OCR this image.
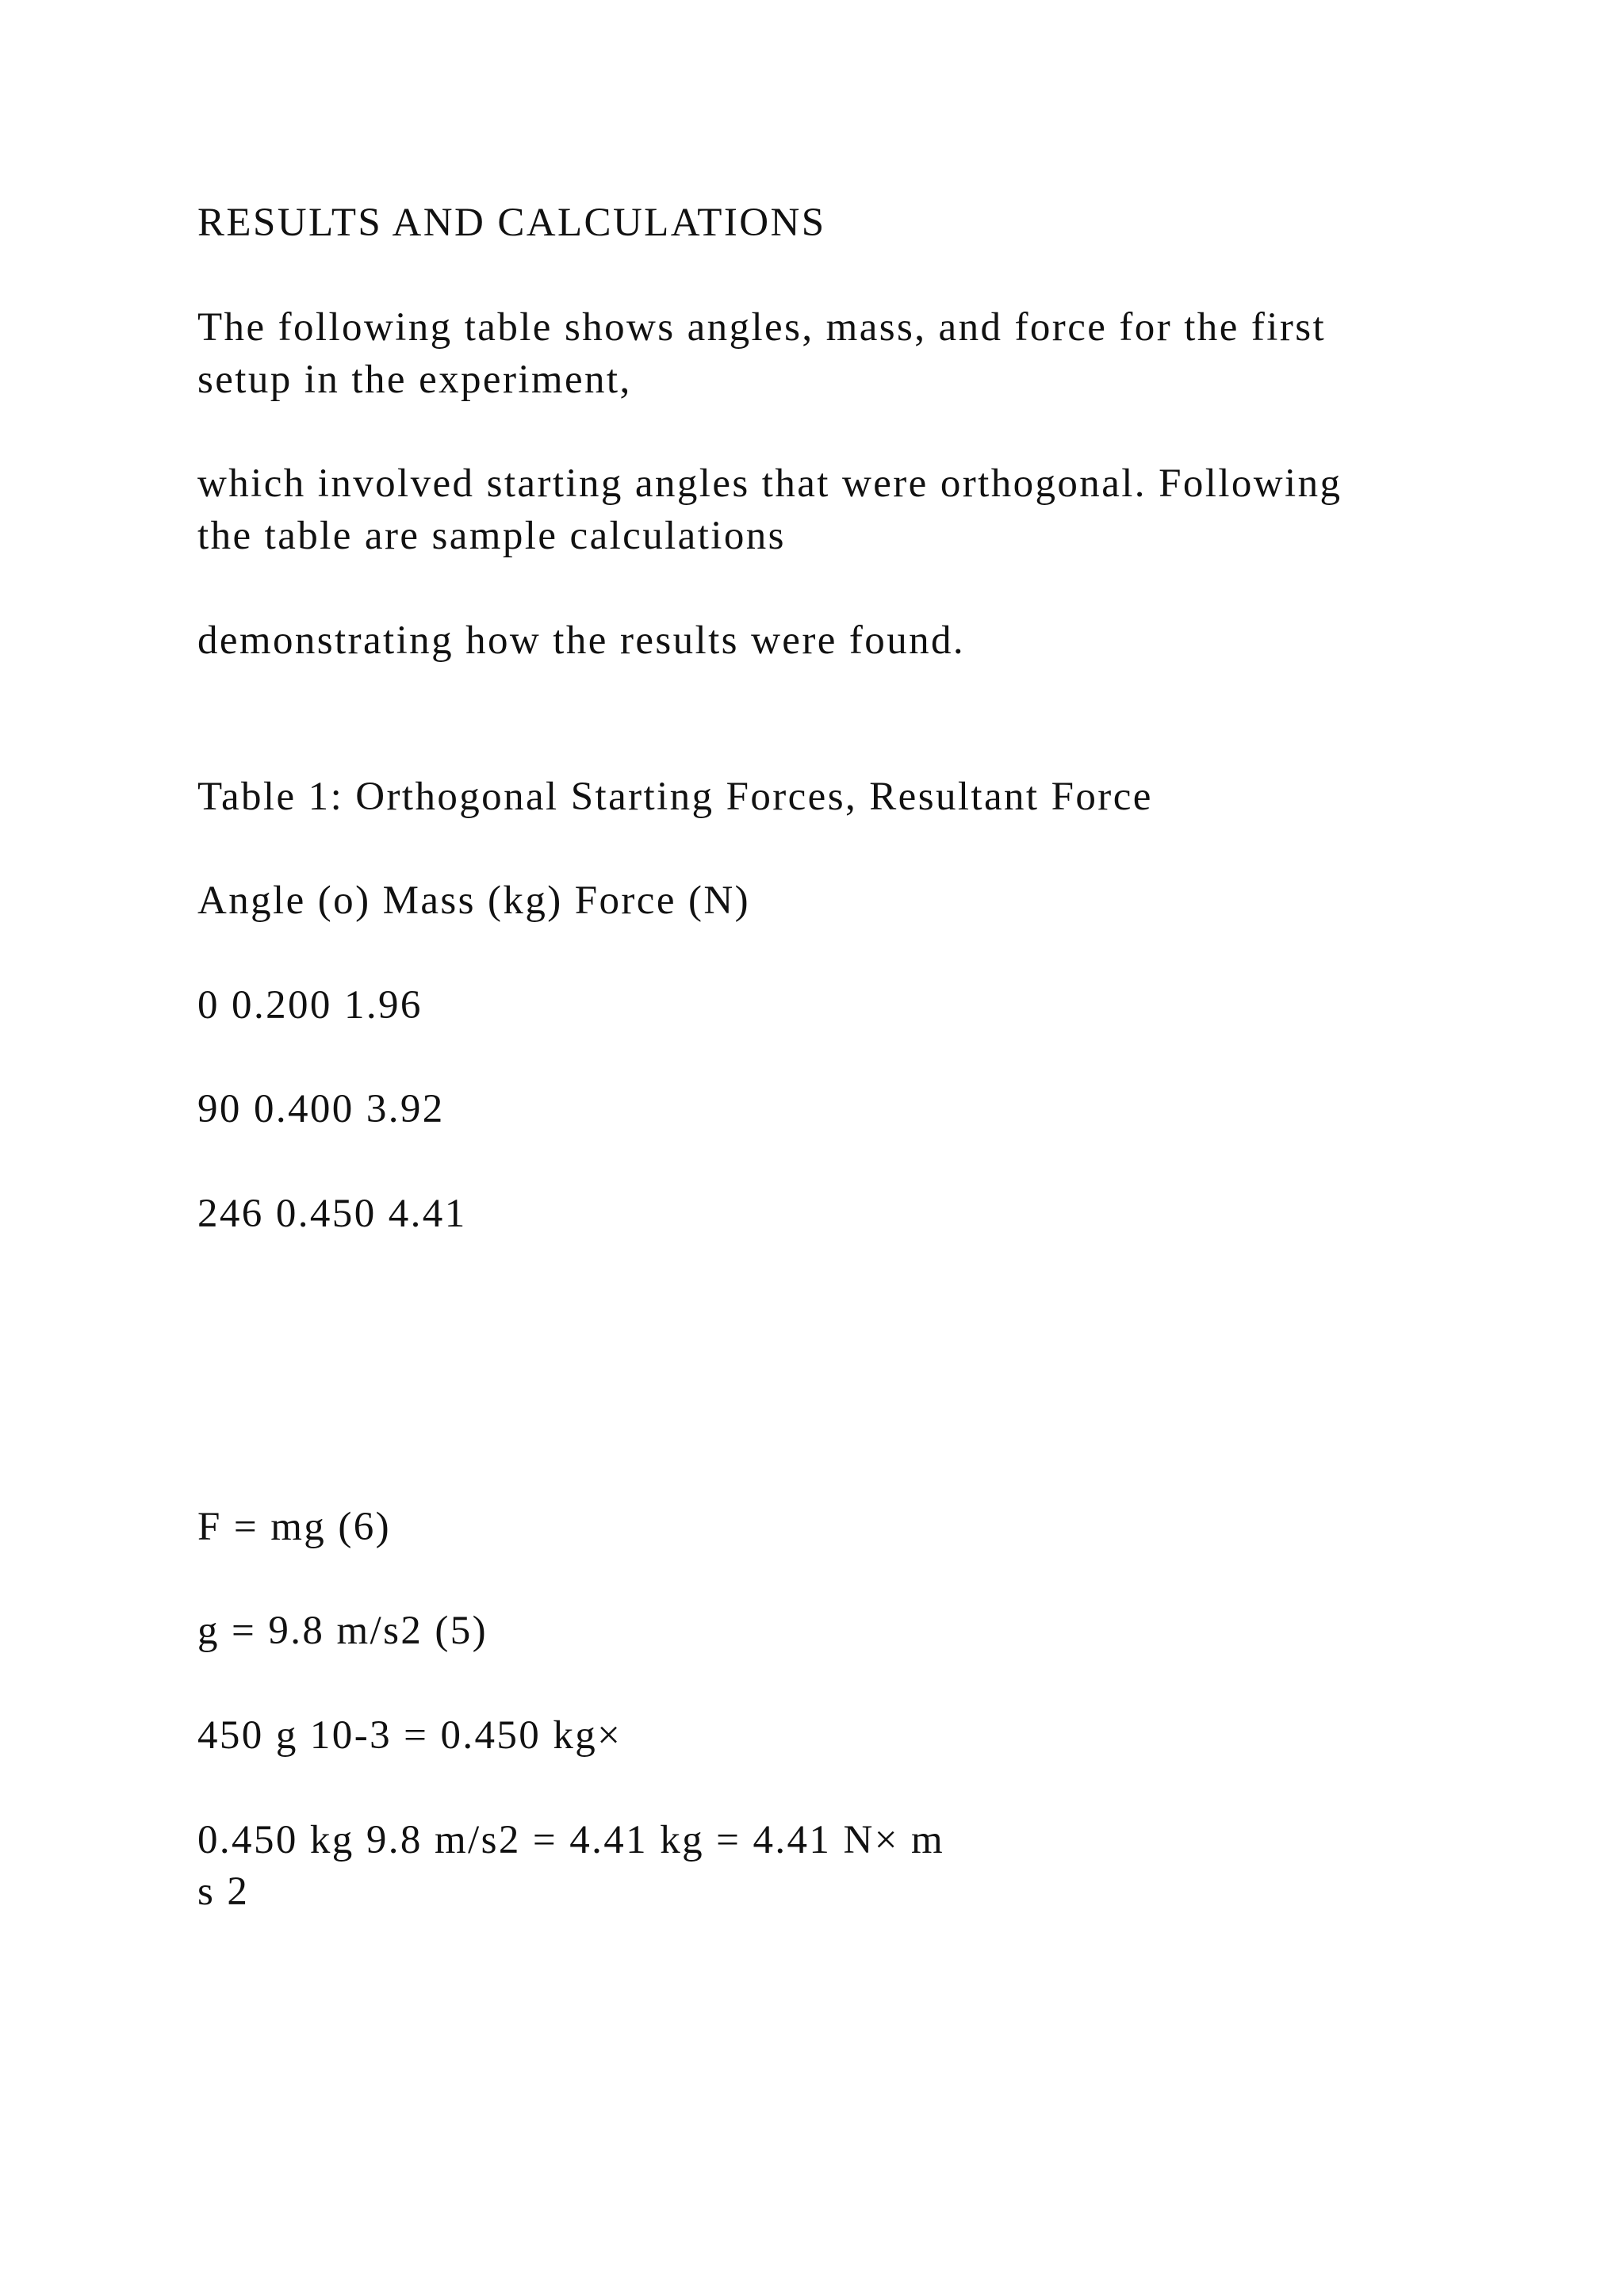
RESULTS AND CALCULATIONS

The following table shows angles, mass, and force for the first

setup in the experiment,

which involved starting angles that were orthogonal. Following

the table are sample calculations

demonstrating how the results were found.

Table 1: Orthogonal Starting Forces, Resultant Force

Angle (o) Mass (kg) Force (N)

0 0.200 1.96

90 0.400 3.92

246 0.450 4.41

F = mg (6)

g = 9.8 m/s2 (5)

450 g 10-3 = 0.450 kg×

0.450 kg 9.8 m/s2 = 4.41 kg = 4.41 N× m

s 2
